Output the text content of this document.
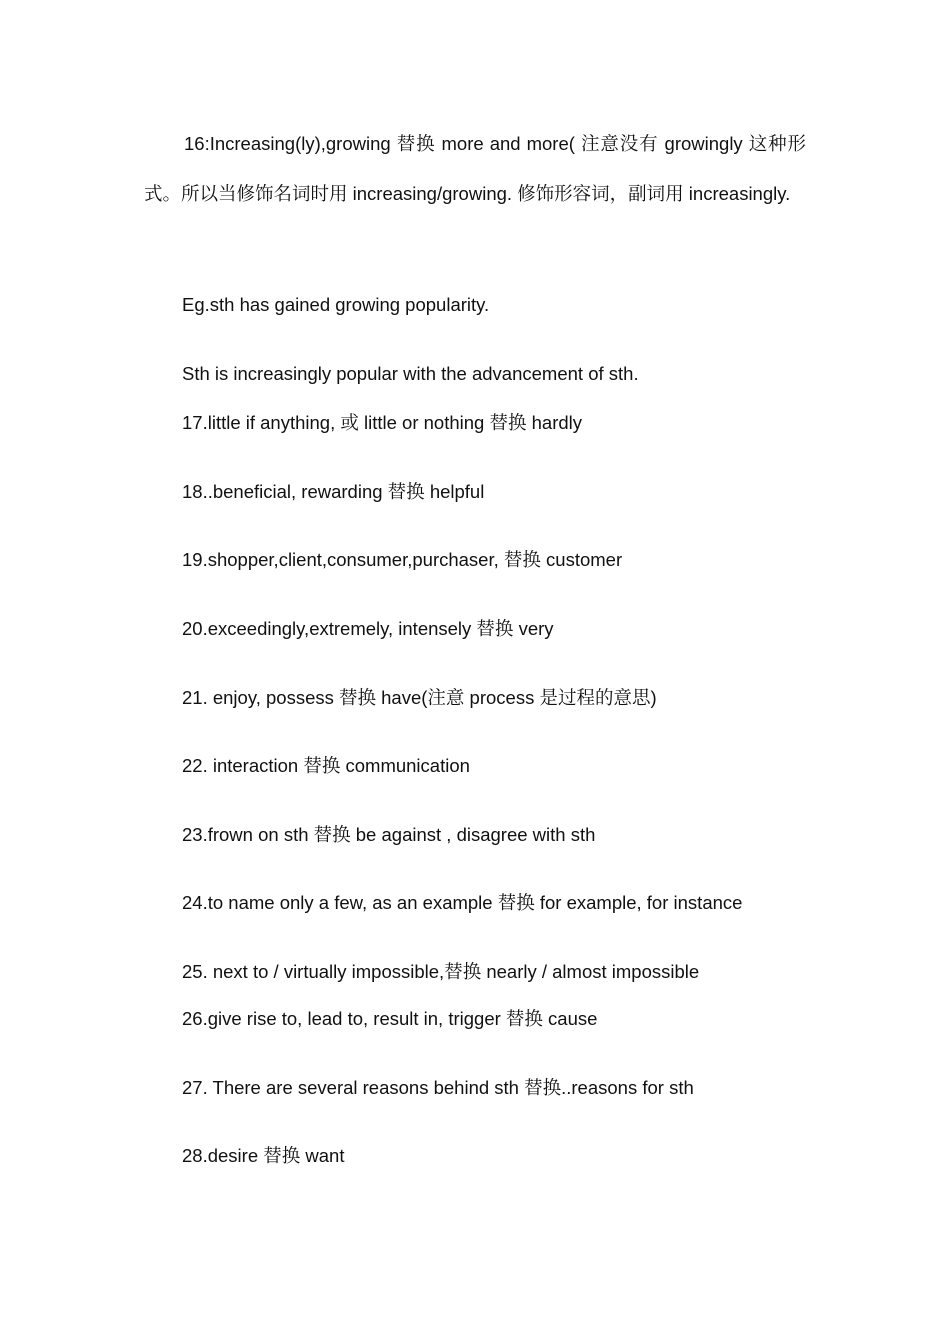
16:Increasing(ly),growing 替换 more and more( 注意没有 growingly 这种形式。所以当修饰名词时用 increasing/growing. 修饰形容词，副词用 increasingly.

Eg.sth has gained growing popularity.

Sth is increasingly popular with the advancement of sth.

17.little if anything, 或 little or nothing 替换 hardly

18..beneficial, rewarding 替换 helpful

19.shopper,client,consumer,purchaser, 替换 customer

20.exceedingly,extremely, intensely 替换 very

21. enjoy, possess 替换 have(注意 process 是过程的意思)

22. interaction 替换 communication

23.frown on sth 替换 be against , disagree with sth

24.to name only a few, as an example 替换 for example, for instance

25. next to / virtually impossible,替换 nearly / almost impossible

26.give rise to, lead to, result in, trigger 替换 cause

27. There are several reasons behind sth 替换..reasons for sth

28.desire 替换 want
